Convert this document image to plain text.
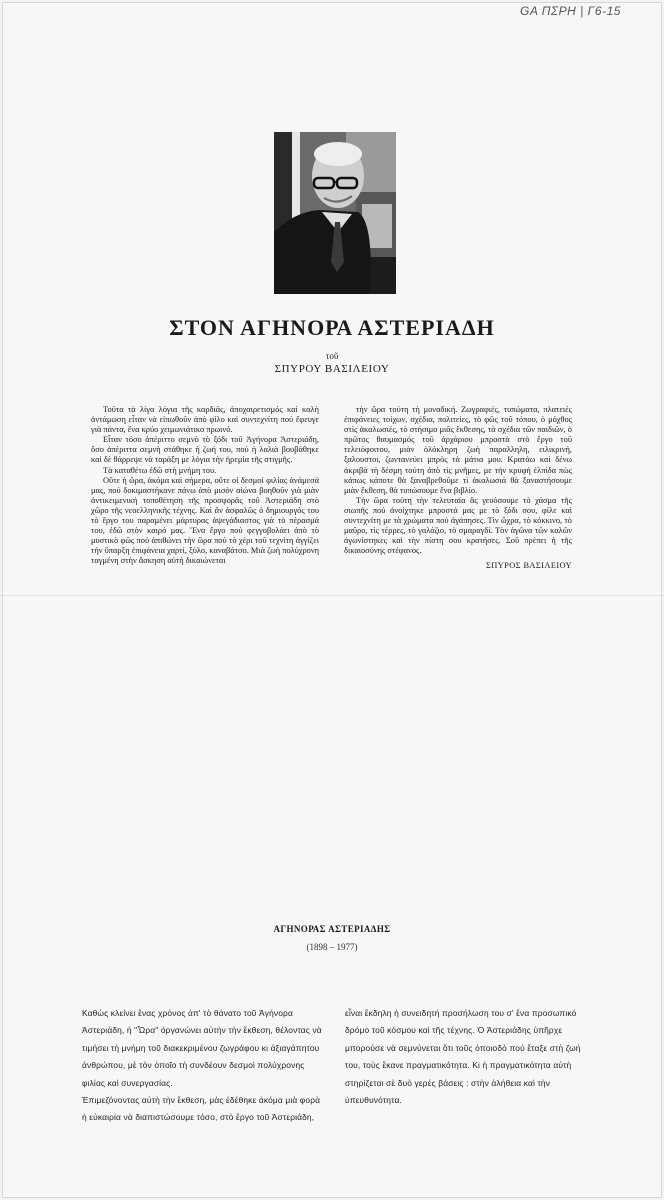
GA ΠΣΡΗ | Γ6-15
ΣΤΟΝ ΑΓΗΝΟΡΑ ΑΣΤΕΡΙΑΔΗ
τοῦ
ΣΠΥΡΟΥ ΒΑΣΙΛΕΙΟΥ

Τοῦτα τὰ λίγα λόγια τῆς καρδιᾶς, ἀποχαιρετισμός καὶ καλὴ ἀντάμωση εἶταν νὰ εἰπωθοῦν ἀπὸ φίλο καὶ συντεχνίτη πού ἔφευγε γιὰ πάντα, ἕνα κρύο χειμωνιάτικο πρωινό.

Εἶταν τόσο ἀπέριττο σεμνὸ τὸ ξόδι τοῦ Ἀγήνορα Ἀστεριάδη, ὅσο ἀπέριττα σεμνὴ στάθηκε ἡ ζωή του, ποὺ ἡ λαλιὰ βουβάθηκε καὶ δὲ θάρρεψε νὰ ταράξη με λόγια τὴν ἠρεμία τῆς στιγμῆς.

Τὰ καταθέτω ἐδῶ στὴ μνήμη του.

Οὔτε ἡ ὥρα, ἀκόμα καὶ σήμερα, οὔτε οἱ δεσμοί φιλίας ἀνάμεσά μας, πού δοκιμαστήκανε πάνω ἀπὸ μισὸν αἰώνα βοηθοῦν γιὰ μιὰν ἀντικειμενική τοποθέτηση τῆς προσφορᾶς τοῦ Ἀστεριάδη στὸ χῶρο τῆς νεοελληνικῆς τέχνης. Καὶ ἂν ἀσφαλῶς ὁ δημιουργός του τὸ ἔργο του παραμένει μάρτυρας ἀψεγάδιαστος γιὰ τὸ πέρασμά του, ἐδῶ στὸν καιρό μας. Ἕνα ἔργο πού φεγγοβολάει ἀπὸ τὸ μυστικὸ φῶς πού ἀπιθώνει τὴν ὥρα πού τὸ χέρι τοῦ τεχνίτη ἀγγίζει τὴν ὕπαρξη ἐπιφάνεια χαρτί, ξύλο, καναβάτσο. Μιὰ ζωὴ πολύχρονη ταγμένη στὴν ἄσκηση αὐτή δικαιώνεται

τὴν ὥρα τούτη τὴ μοναδική. Ζωγραφιές, τυπώματα, πλατειές ἐπιφάνειες τοίχων, σχέδια, πολιτείες, τὸ φῶς τοῦ τόπου, ὁ μόχθος στὶς ἀκαλωσιές, τὸ στήσιμο μιᾶς ἔκθεσης, τὰ σχέδια τῶν παιδιῶν, ὁ πρῶτος θαυμασμός τοῦ ἀρχάριου μπροστὰ στὸ ἔργο τοῦ τελειόφοιτου, μιὰν ὁλόκληρη ζωὴ παραλληλη, ειλικρινή, ξαλουστοι, ζωντανεύει μπρὸς τὰ μάτια μου. Κρατάω καὶ δένω ἀκριβὰ τὴ δέσμη τούτη ἀπὸ τὶς μνῆμες, με τὴν κρυφή ἐλπίδα πὼς κάπως κάποτε θὰ ξαναβρεθοῦμε τὶ ἀκαλωσιά θὰ ξαναστήσουμε μιὰν ἔκθεση, θὰ τυπώσουμε ἕνα βιβλίο.

Τὴν ὥρα τούτη τὴν τελευταία ἂς γευόσουμε τὸ χάσμα τῆς σιωπῆς πού ἀνοίχτηκε μπροστά μας με τὸ ξόδι σου, φίλε καὶ συντεχνίτη με τὰ χρώματα πού ἀγάπησες. Τὶν ὤχρα, τὸ κόκκινο, τὸ μαῦρο, τὶς τέρρες, τὸ γαλάζιο, τὸ σμαραγδί. Τὸν ἀγῶνα τῶν καλῶν ἀγωνίστηκες καὶ τὴν πίστη σου κρατήσες. Σοῦ πρέπει ἡ τῆς δικαιοσύνης στέφανος.

ΣΠΥΡΟΣ ΒΑΣΙΛΕΙΟΥ
ΑΓΗΝΟΡΑΣ ΑΣΤΕΡΙΑΔΗΣ
(1898 – 1977)

Καθὼς κλείνει ἕνας χρόνος ἀπ' τὸ θάνατο τοῦ Ἀγήνορα Ἀστεριάδη, ἡ "Ὦρα" ὀργανώνει αὐτὴν τὴν ἔκθεση, θέλοντας νὰ τιμήσει τὴ μνήμη τοῦ διακεκριμένου ζωγράφου κι ἀξιαγάπητου ἀνθρώπου, μὲ τὸν ὁποῖο τὴ συνδέουν δεσμοὶ πολύχρονης φιλίας καὶ συνεργασίας.

Ἐπιμεζόνοντας αὐτὴ τὴν ἔκθεση, μὰς ἐδέθηκε ἀκόμα μιὰ φορὰ ἡ εὐκαιρία νὰ διαπιστώσουμε τόσο, στὸ ἔργο τοῦ Ἀστεριάδη,

εἶναι ἔκδηλη ἡ συνειδητή προσήλωση του σ' ἕνα προσωπικό δρόμο τοῦ κόσμου καὶ τῆς τέχνης. Ὁ Ἀστεριάδης ὑπῆρχε μπορούσε νὰ σεμνύνεται ὅτι τοῦς ὁποιοδὸ πού ἔταξε στὴ ζωή του, τοὺς ἔκανε πραγματικότητα. Κι ἡ πραγματικότητα αὐτὴ στηρίζεται σὲ δυὸ γερές βάσεις : στὴν ἀλήθεια καὶ τὴν ὑπευθυνότητα.
